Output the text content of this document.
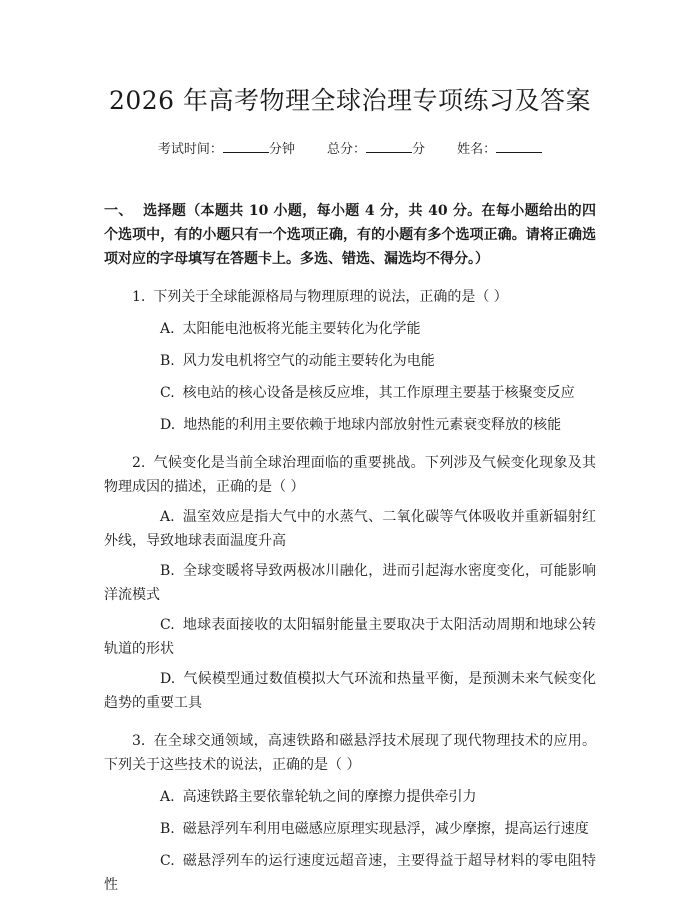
2026 年高考物理全球治理专项练习及答案
考试时间：	分钟 总分：	分 姓名：
一、 选择题（本题共 10 小题，每小题 4 分，共 40 分。在每小题给出的四个选项中，有的小题只有一个选项正确，有的小题有多个选项正确。请将正确选项对应的字母填写在答题卡上。多选、错选、漏选均不得分。）
1. 下列关于全球能源格局与物理原理的说法，正确的是（ ）
A. 太阳能电池板将光能主要转化为化学能
B. 风力发电机将空气的动能主要转化为电能
C. 核电站的核心设备是核反应堆，其工作原理主要基于核聚变反应
D. 地热能的利用主要依赖于地球内部放射性元素衰变释放的核能
2. 气候变化是当前全球治理面临的重要挑战。下列涉及气候变化现象及其物理成因的描述，正确的是（ ）
A. 温室效应是指大气中的水蒸气、二氧化碳等气体吸收并重新辐射红外线，导致地球表面温度升高
B. 全球变暖将导致两极冰川融化，进而引起海水密度变化，可能影响洋流模式
C. 地球表面接收的太阳辐射能量主要取决于太阳活动周期和地球公转轨道的形状
D. 气候模型通过数值模拟大气环流和热量平衡，是预测未来气候变化趋势的重要工具
3. 在全球交通领域，高速铁路和磁悬浮技术展现了现代物理技术的应用。下列关于这些技术的说法，正确的是（ ）
A. 高速铁路主要依靠轮轨之间的摩擦力提供牵引力
B. 磁悬浮列车利用电磁感应原理实现悬浮，减少摩擦，提高运行速度
C. 磁悬浮列车的运行速度远超音速，主要得益于超导材料的零电阻特性
